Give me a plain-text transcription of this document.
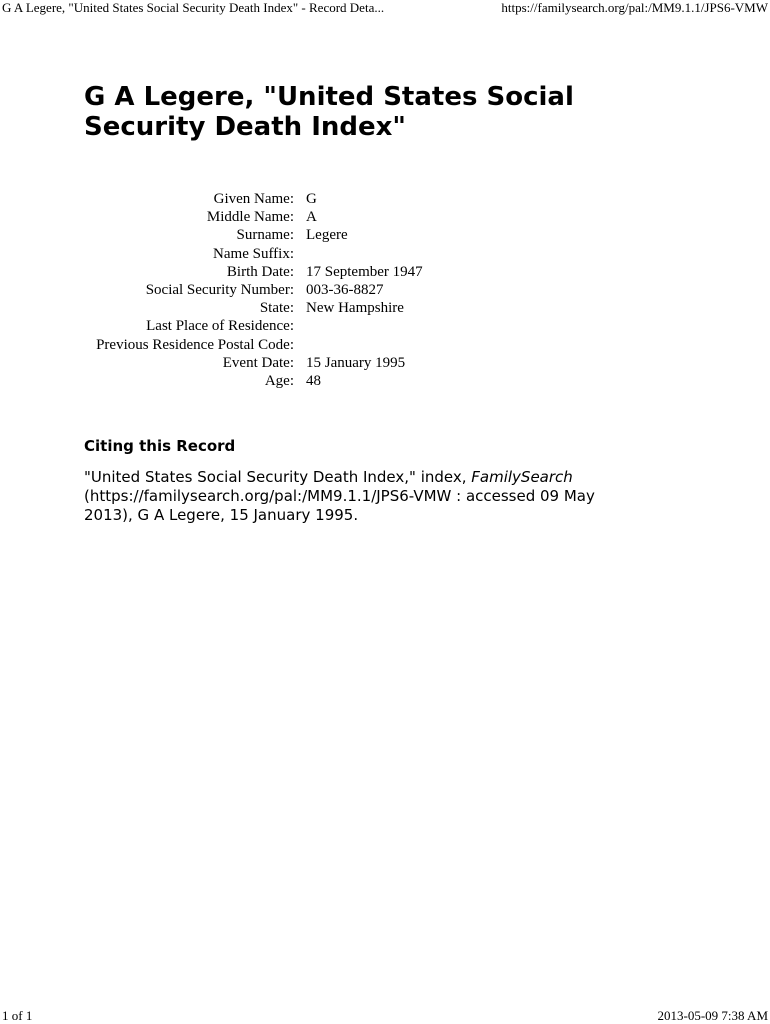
G A Legere, "United States Social Security Death Index" - Record Deta...	https://familysearch.org/pal:/MM9.1.1/JPS6-VMW
G A Legere, "United States Social Security Death Index"
Given Name:	G
Middle Name:	A
Surname:	Legere
Name Suffix:	
Birth Date:	17 September 1947
Social Security Number:	003-36-8827
State:	New Hampshire
Last Place of Residence:	
Previous Residence Postal Code:	
Event Date:	15 January 1995
Age:	48
Citing this Record

"United States Social Security Death Index," index, FamilySearch (https://familysearch.org/pal:/MM9.1.1/JPS6-VMW : accessed 09 May 2013), G A Legere, 15 January 1995.

1 of 1	2013-05-09 7:38 AM
